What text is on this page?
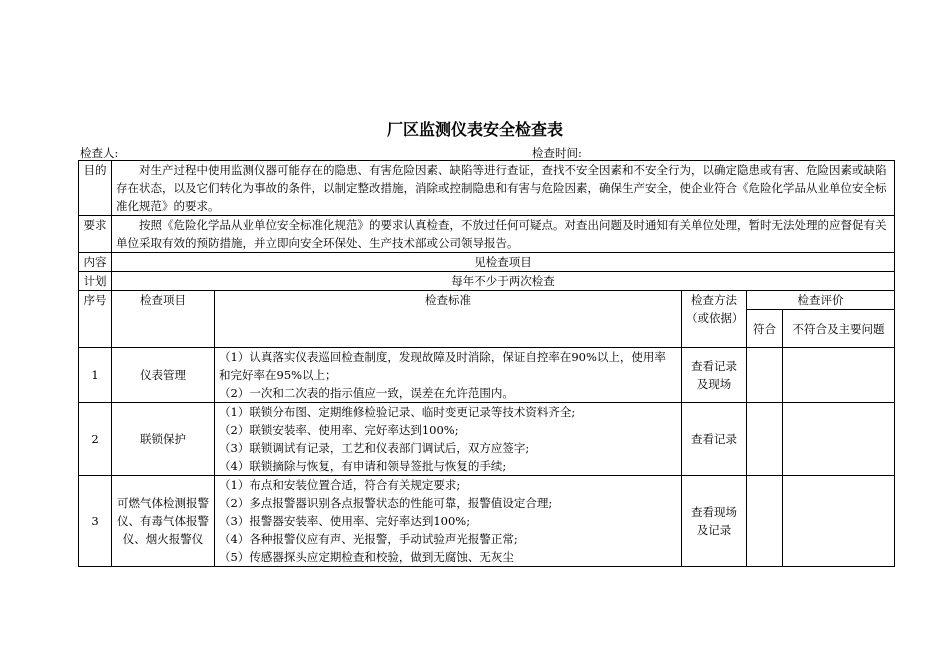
厂区监测仪表安全检查表
检查人:	检查时间:
目的	对生产过程中使用监测仪器可能存在的隐患、有害危险因素、缺陷等进行查证，查找不安全因素和不安全行为，以确定隐患或有害、危险因素或缺陷存在状态，以及它们转化为事故的条件，以制定整改措施，消除或控制隐患和有害与危险因素，确保生产安全，使企业符合《危险化学品从业单位安全标准化规范》的要求。				
要求	按照《危险化学品从业单位安全标准化规范》的要求认真检查，不放过任何可疑点。对查出问题及时通知有关单位处理，暂时无法处理的应督促有关单位采取有效的预防措施，并立即向安全环保处、生产技术部或公司领导报告。				
内容	见检查项目				
计划	每年不少于两次检查				
序号	检查项目	检查标准	检查方法（或依据）	检查评价	
				符合	不符合及主要问题
1	仪表管理	（1）认真落实仪表巡回检查制度，发现故障及时消除，保证自控率在90%以上，使用率和完好率在95%以上；
（2）一次和二次表的指示值应一致，误差在允许范围内。	查看记录及现场		
2	联锁保护	（1）联锁分布图、定期维修检验记录、临时变更记录等技术资料齐全;
（2）联锁安装率、使用率、完好率达到100%;
（3）联锁调试有记录，工艺和仪表部门调试后，双方应签字;
（4）联锁摘除与恢复，有申请和领导签批与恢复的手续;	查看记录		
3	可燃气体检测报警仪、有毒气体报警仪、烟火报警仪	（1）布点和安装位置合适，符合有关规定要求;
（2）多点报警器识别各点报警状态的性能可靠，报警值设定合理;
（3）报警器安装率、使用率、完好率达到100%;
（4）各种报警仪应有声、光报警，手动试验声光报警正常;
（5）传感器探头应定期检查和校验，做到无腐蚀、无灰尘	查看现场及记录		
